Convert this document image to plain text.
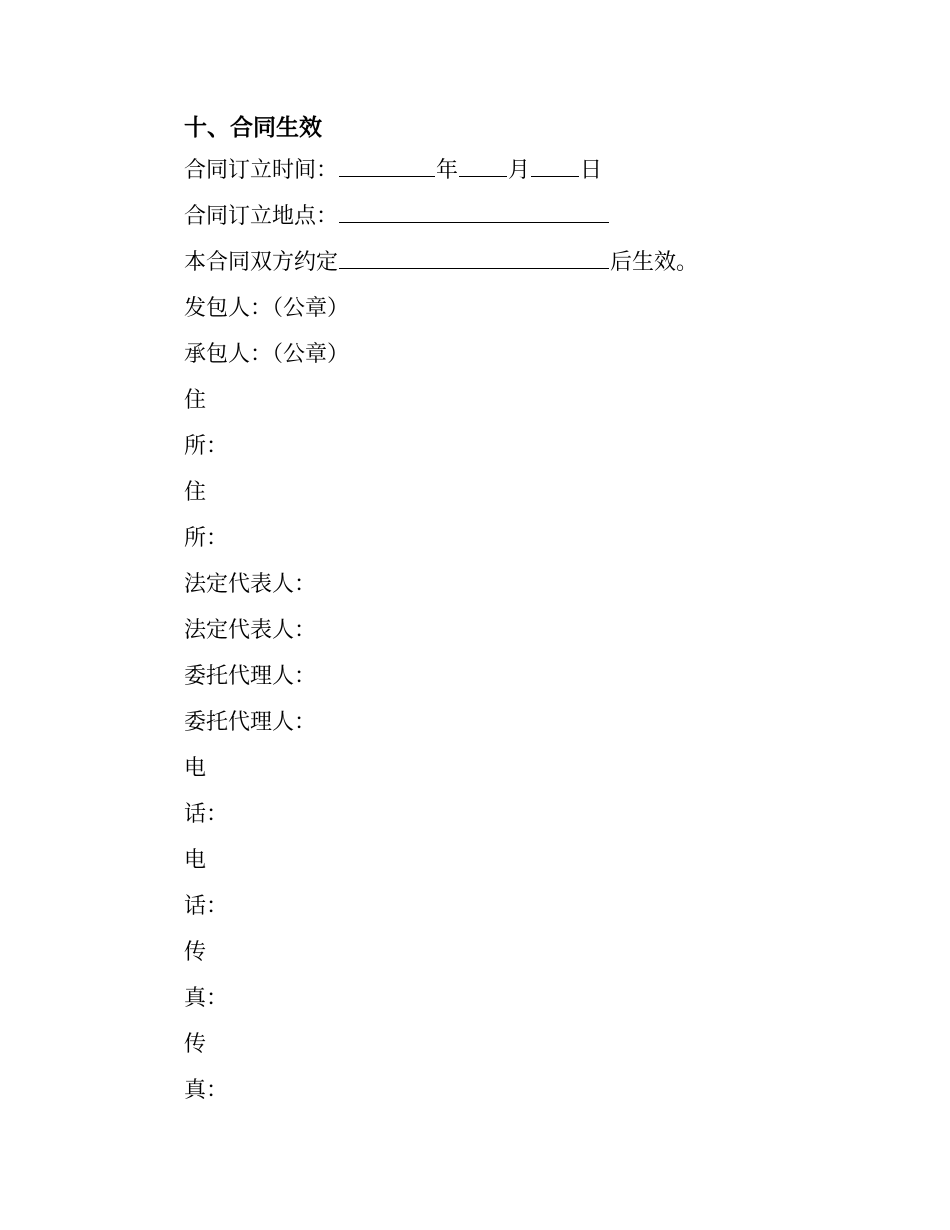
十、合同生效
合同订立时间：	年 月 日
合同订立地点：
本合同双方约定	后生效。
发包人：（公章）
承包人：（公章）
住
所：
住
所：
法定代表人：
法定代表人：
委托代理人：
委托代理人：
电
话：
电
话：
传
真：
传
真：
